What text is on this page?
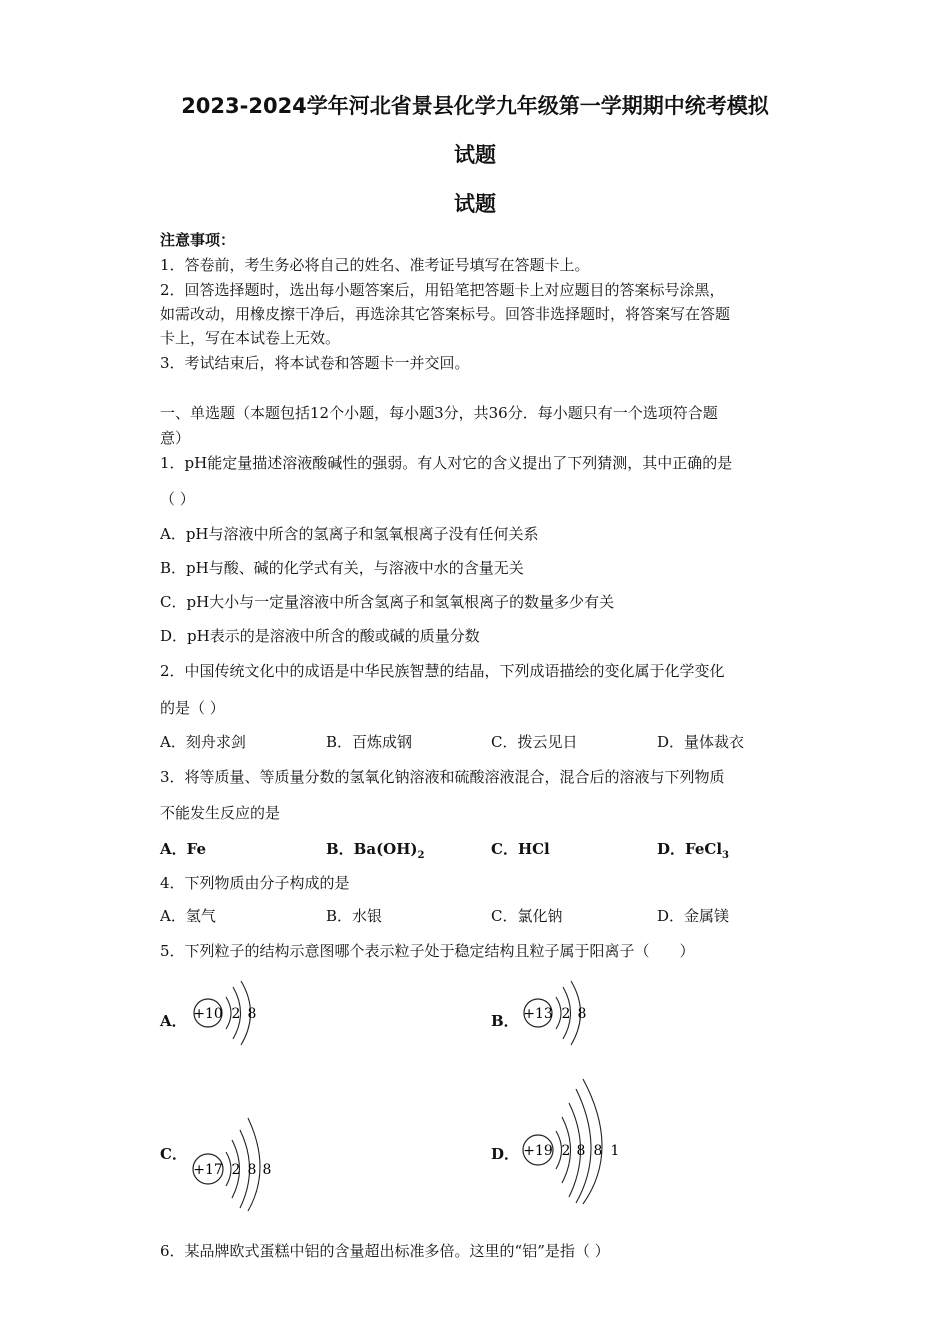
2023-2024学年河北省景县化学九年级第一学期期中统考模拟
试题
试题
注意事项：
1．答卷前，考生务必将自己的姓名、准考证号填写在答题卡上。
2．回答选择题时，选出每小题答案后，用铅笔把答题卡上对应题目的答案标号涂黑，
如需改动，用橡皮擦干净后，再选涂其它答案标号。回答非选择题时，将答案写在答题
卡上，写在本试卷上无效。
3．考试结束后，将本试卷和答题卡一并交回。
一、单选题（本题包括12个小题，每小题3分，共36分．每小题只有一个选项符合题
意）
1．pH能定量描述溶液酸碱性的强弱。有人对它的含义提出了下列猜测，其中正确的是
（ ）
A．pH与溶液中所含的氢离子和氢氧根离子没有任何关系
B．pH与酸、碱的化学式有关，与溶液中水的含量无关
C．pH大小与一定量溶液中所含氢离子和氢氧根离子的数量多少有关
D．pH表示的是溶液中所含的酸或碱的质量分数
2．中国传统文化中的成语是中华民族智慧的结晶，下列成语描绘的变化属于化学变化
的是（ ）
A．刻舟求剑	B．百炼成钢	C．拨云见日	D．量体裁衣
3．将等质量、等质量分数的氢氧化钠溶液和硫酸溶液混合，混合后的溶液与下列物质
不能发生反应的是
A．Fe	B．$Ba(OH)_2$	C．HCl	D．FeCl$_3$
4．下列物质由分子构成的是
A．氢气	B．水银	C．氯化钠	D．金属镁
5．下列粒子的结构示意图哪个表示粒子处于稳定结构且粒子属于阳离子（　　）
A． +10 2 8	B． +13 2 8
C．
+17 2 8 8
D． +19 2 8 8 1
6．某品牌欧式蛋糕中铝的含量超出标准多倍。这里的“铝”是指（ ）
